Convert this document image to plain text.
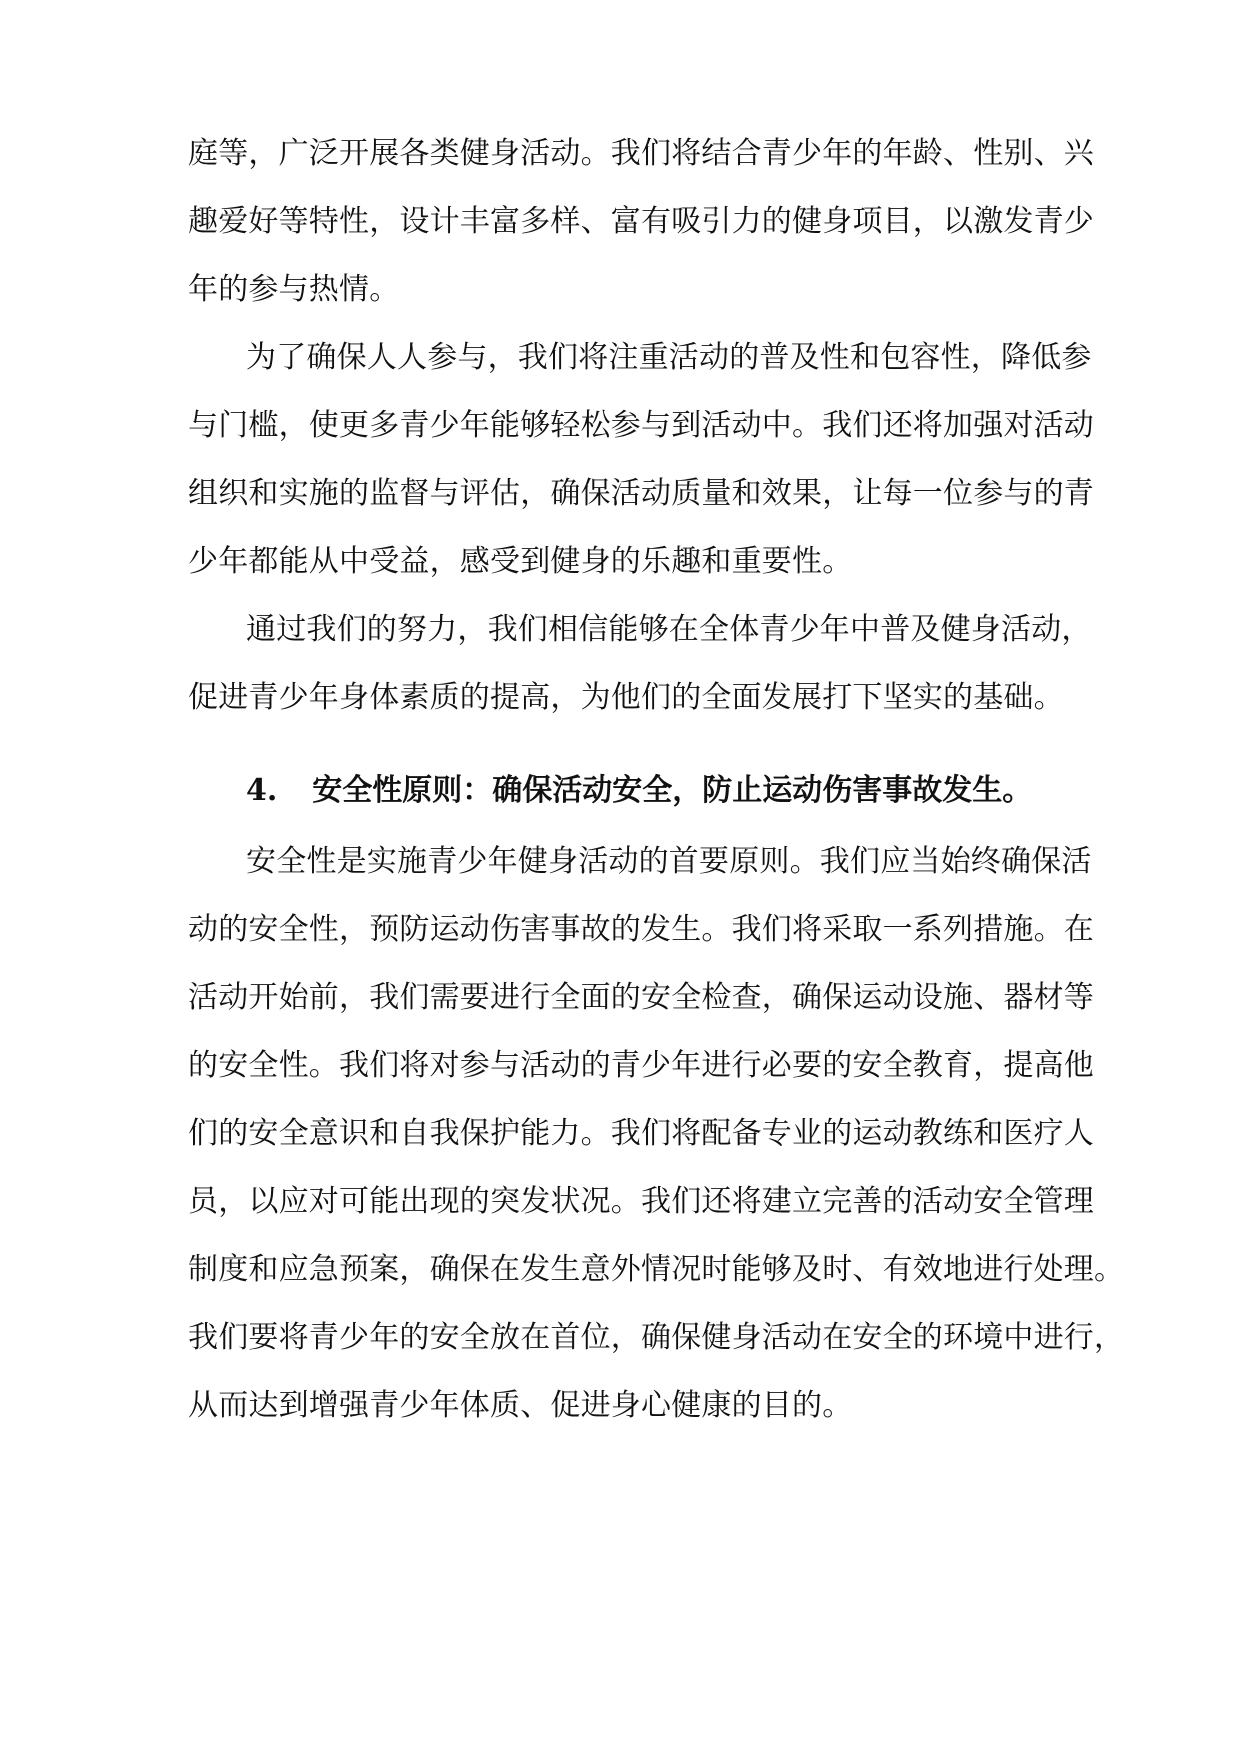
庭等，广泛开展各类健身活动。我们将结合青少年的年龄、性别、兴
趣爱好等特性，设计丰富多样、富有吸引力的健身项目，以激发青少
年的参与热情。
为了确保人人参与，我们将注重活动的普及性和包容性，降低参
与门槛，使更多青少年能够轻松参与到活动中。我们还将加强对活动
组织和实施的监督与评估，确保活动质量和效果，让每一位参与的青
少年都能从中受益，感受到健身的乐趣和重要性。
通过我们的努力，我们相信能够在全体青少年中普及健身活动，
促进青少年身体素质的提高，为他们的全面发展打下坚实的基础。
4. 安全性原则：确保活动安全，防止运动伤害事故发生。
安全性是实施青少年健身活动的首要原则。我们应当始终确保活
动的安全性，预防运动伤害事故的发生。我们将采取一系列措施。在
活动开始前，我们需要进行全面的安全检查，确保运动设施、器材等
的安全性。我们将对参与活动的青少年进行必要的安全教育，提高他
们的安全意识和自我保护能力。我们将配备专业的运动教练和医疗人
员，以应对可能出现的突发状况。我们还将建立完善的活动安全管理
制度和应急预案，确保在发生意外情况时能够及时、有效地进行处理。
我们要将青少年的安全放在首位，确保健身活动在安全的环境中进行，
从而达到增强青少年体质、促进身心健康的目的。
